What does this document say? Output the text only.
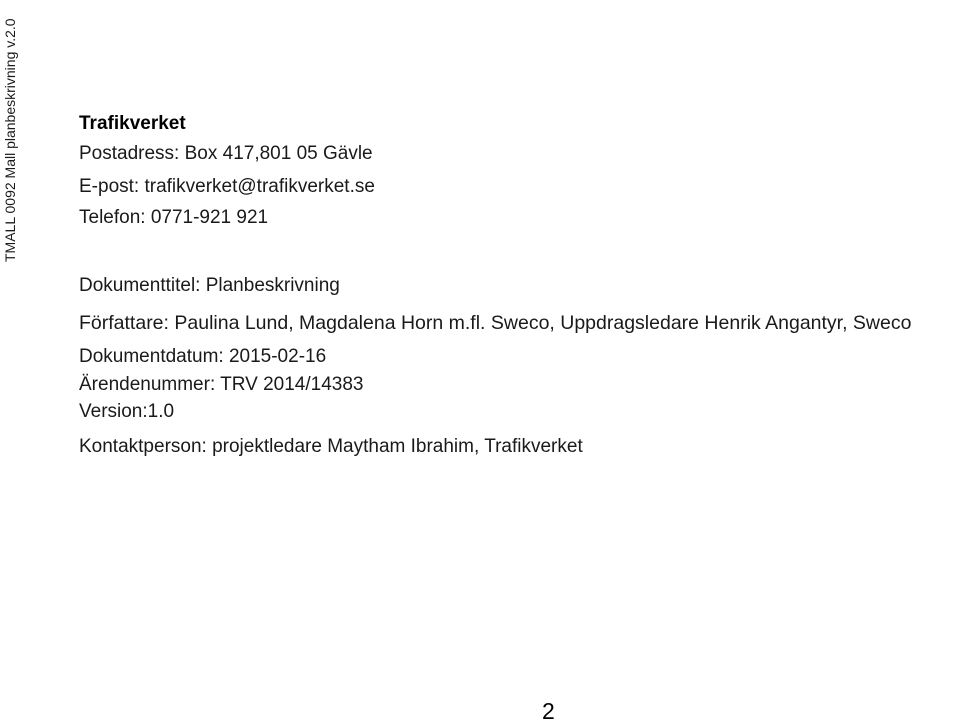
TMALL 0092 Mall planbeskrivning v.2.0	Trafikverket
Postadress: Box 417,801 05 Gävle
E-post: trafikverket@trafikverket.se
Telefon: 0771-921 921
Dokumenttitel: Planbeskrivning
Författare: Paulina Lund, Magdalena Horn m.fl. Sweco, Uppdragsledare Henrik Angantyr, Sweco
Dokumentdatum: 2015-02-16
Ärendenummer: TRV 2014/14383
Version:1.0
Kontaktperson: projektledare Maytham Ibrahim, Trafikverket
2
